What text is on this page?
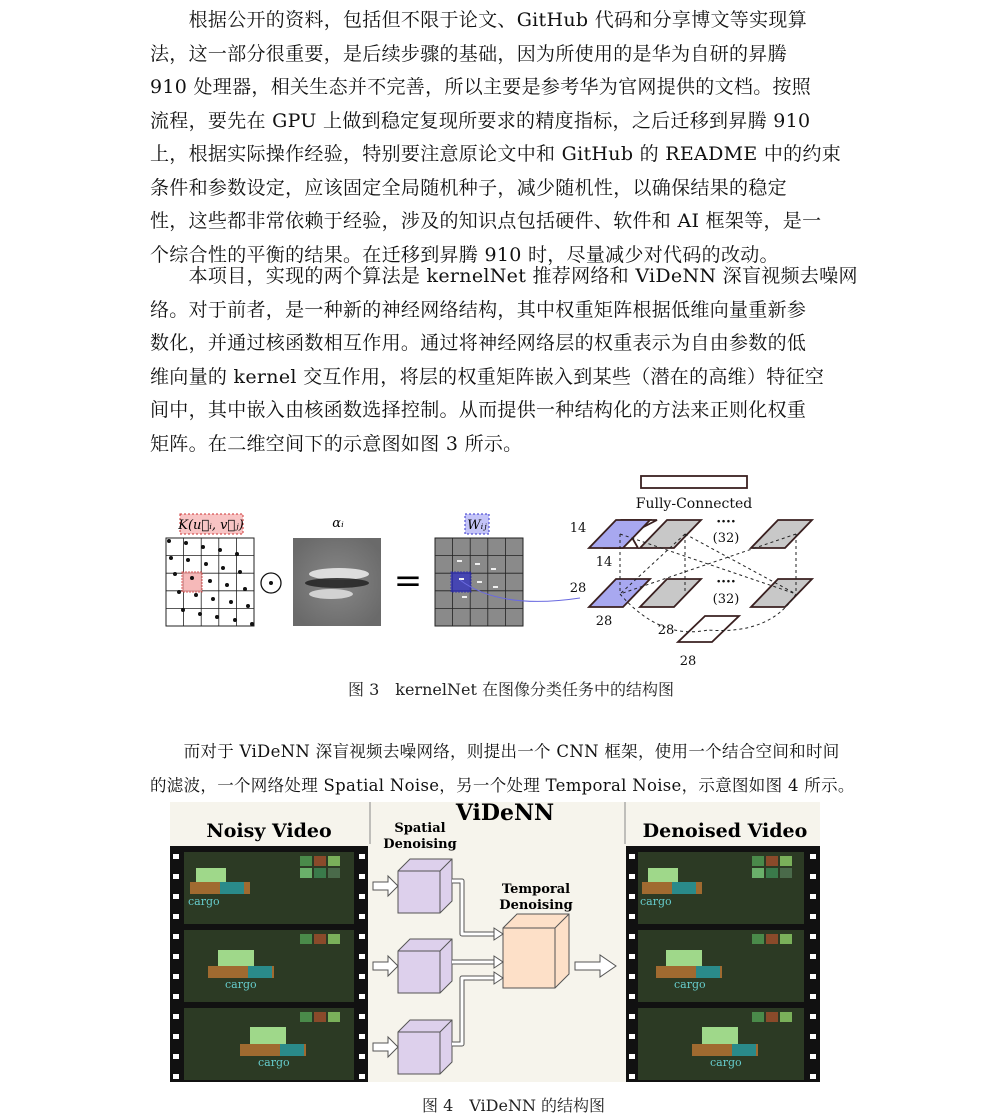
　　根据公开的资料，包括但不限于论文、GitHub 代码和分享博文等实现算
法，这一部分很重要，是后续步骤的基础，因为所使用的是华为自研的昇腾
910 处理器，相关生态并不完善，所以主要是参考华为官网提供的文档。按照
流程，要先在 GPU 上做到稳定复现所要求的精度指标，之后迁移到昇腾 910
上，根据实际操作经验，特别要注意原论文中和 GitHub 的 README 中的约束
条件和参数设定，应该固定全局随机种子，减少随机性，以确保结果的稳定
性，这些都非常依赖于经验，涉及的知识点包括硬件、软件和 AI 框架等，是一
个综合性的平衡的结果。在迁移到昇腾 910 时，尽量减少对代码的改动。
　　本项目，实现的两个算法是 kernelNet 推荐网络和 ViDeNN 深盲视频去噪网
络。对于前者，是一种新的神经网络结构，其中权重矩阵根据低维向量重新参
数化，并通过核函数相互作用。通过将神经网络层的权重表示为自由参数的低
维向量的 kernel 交互作用，将层的权重矩阵嵌入到某些（潜在的高维）特征空
间中，其中嵌入由核函数选择控制。从而提供一种结构化的方法来正则化权重
矩阵。在二维空间下的示意图如图 3 所示。
K(u⃗ᵢ, v⃗ⱼ)	αᵢ
=
Wᵢⱼ
Fully-Connected
14
14
28
28
28
28
····
(32)
····
(32)
图 3　kernelNet 在图像分类任务中的结构图
　　而对于 ViDeNN 深盲视频去噪网络，则提出一个 CNN 框架，使用一个结合空间和时间
的滤波，一个网络处理 Spatial Noise，另一个处理 Temporal Noise，示意图如图 4 所示。
ViDeNN
Noisy Video	Denoised Video
cargo
cargo
cargo
cargo
cargo
cargo
Spatial
Denoising
Temporal
Denoising
图 4　ViDeNN 的结构图
